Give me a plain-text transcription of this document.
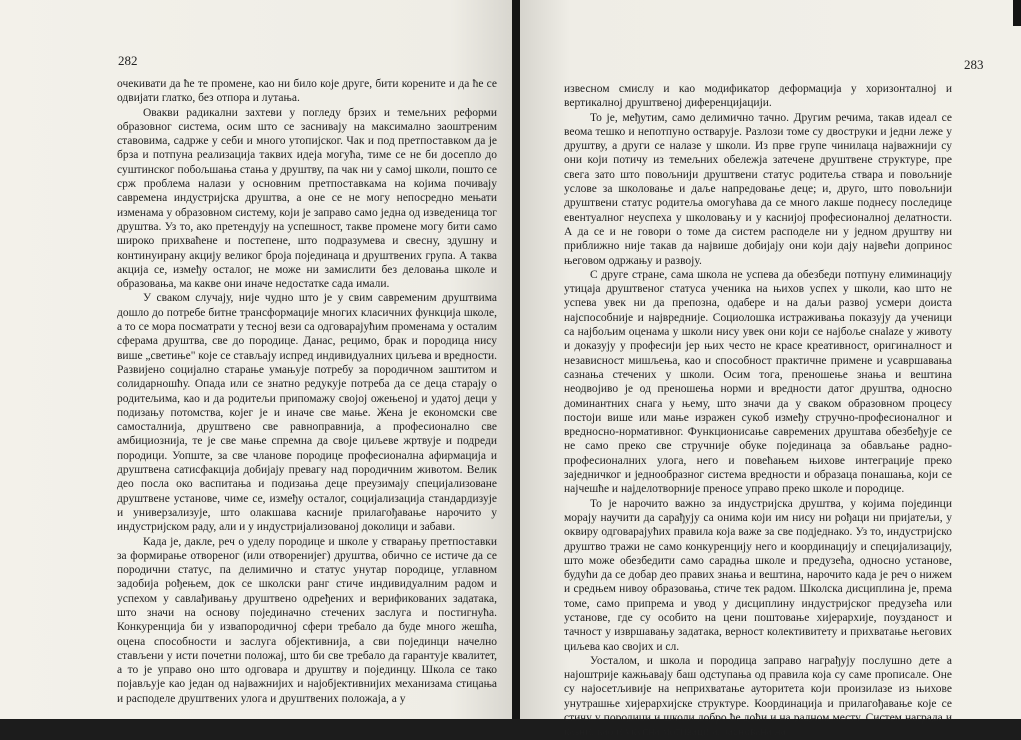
282

очекивати да ће те промене, као ни било које друге, бити корените и да ће се одвијати глатко, без отпора и лутања.

Овакви радикални захтеви у погледу брзих и темељних реформи образовног система, осим што се заснивају на максимално заоштреним ставовима, садрже у себи и много утопијског. Чак и под претпоставком да је брза и потпуна реализација таквих идеја могућа, тиме се не би досепло до суштинског побољшања стања у друштву, па чак ни у самој школи, пошто се срж проблема налази у основним претпоставкама на којима почивају савремена индустријска друштва, а оне се не могу непосредно мењати изменама у образовном систему, који је заправо само једна од изведеница тог друштва. Уз то, ако претендују на успешност, такве промене могу бити само широко прихваћене и постепене, што подразумева и свесну, здушну и континуирану акцију великог броја појединаца и друштвених група. А таква акција се, између осталог, не може ни замислити без деловања школе и образовања, ма какве они иначе недостатке сада имали.

У сваком случају, није чудно што је у свим савременим друштвима дошло до потребе битне трансформације многих класичних функција школе, а то се мора посматрати у тесној вези са одговарајућим променама у осталим сферама друштва, све до породице. Данас, рецимо, брак и породица нису више „светиње" које се стављају испред индивидуалних циљева и вредности. Развијено социјално старање умањује потребу за породичном заштитом и солидарношћу. Опада или се знатно редукује потреба да се деца старају о родитељима, као и да родитељи припомажу својој ожењеној и удатој деци у подизању потомства, којег је и иначе све мање. Жена је економски све самосталнија, друштвено све равноправнија, а професионално све амбициознија, те је све мање спремна да своје циљеве жртвује и подреди породици. Уопште, за све чланове породице професионална афирмација и друштвена сатисфакција добијају превагу над породичним животом. Велик део посла око васпитања и подизања деце преузимају специјализоване друштвене установе, чиме се, између осталог, социјализација стандардизује и универзализује, што олакшава касније прилагођавање нарочито у индустријском раду, али и у индустријализованој доколици и забави.

Када је, дакле, реч о уделу породице и школе у стварању претпоставки за формирање отвореног (или отворенијег) друштва, обично се истиче да се породични статус, па делимично и статус унутар породице, углавном задобија рођењем, док се школски ранг стиче индивидуалним радом и успехом у савлађивању друштвено одређених и верификованих задатака, што значи на основу појединачно стечених заслуга и постигнућа. Конкуренција би у извапородичној сфери требало да буде много жешћа, оцена способности и заслуга објективнија, а сви појединци начелно стављени у исти почетни положај, што би све требало да гарантује квалитет, а то је управо оно што одговара и друштву и појединцу. Школа се тако појављује као један од најважнијих и најобјективнијих механизама стицања и расподеле друштвених улога и друштвених положаја, а у

283

извесном смислу и као модификатор деформација у хоризонталној и вертикалној друштвеној диференцијацији.

То је, међутим, само делимично тачно. Другим речима, такав идеал се веома тешко и непотпуно остварује. Разлози томе су двоструки и једни леже у друштву, а други се налазе у школи. Из прве групе чинилаца најважнији су они који потичу из темељних обележја затечене друштвене структуре, пре свега зато што повољнији друштвени статус родитеља ствара и повољније услове за школовање и даље напредовање деце; и, друго, што повољнији друштвени статус родитеља омогућава да се много лакше поднесу последице евентуалног неуспеха у школовању и у каснијој професионалној делатности. А да се и не говори о томе да систем расподеле ни у једном друштву ни приближно није такав да највише добијају они који дају највећи допринос његовом одржању и развоју.

С друге стране, сама школа не успева да обезбеди потпуну елиминацију утицаја друштвеног статуса ученика на њихов успех у школи, као што не успева увек ни да препозна, одабере и на даљи развој усмери доиста најспособније и највредније. Социолошка истраживања показују да ученици са најбољим оценама у школи нису увек они који се најбоље снalaze у животу и доказују у професији јер њих често не красе креативност, оригиналност и независност мишљења, као и способност практичне примене и усавршавања сазнања стечених у школи. Осим тога, преношење знања и вештина неодвојиво је од преношења норми и вредности датог друштва, односно доминантних снага у њему, што значи да у сваком образовном процесу постоји више или мање изражен сукоб између стручно-професионалног и вредносно-нормативног. Функционисање савремених друштава обезбеђује се не само преко све стручније обуке појединаца за обављање радно-професионалних улога, него и повећањем њихове интеграције преко заједничког и једнообразног система вредности и образаца понашања, који се најчешће и најделотворније преносе управо преко школе и породице.

То је нарочито важно за индустријска друштва, у којима појединци морају научити да сарађују са онима који им нису ни рођаци ни пријатељи, у оквиру одговарајућих правила која важе за све подједнако. Уз то, индустријско друштво тражи не само конкуренцију него и координацију и специјализацију, што може обезбедити само сарадња школе и предузећа, односно установе, будући да се добар део правих знања и вештина, нарочито када је реч о нижем и средњем нивоу образовања, стиче тек радом. Школска дисциплина је, према томе, само припрема и увод у дисциплину индустријског предузећа или установе, где су особито на цени поштовање хијерархије, поузданост и тачност у извршавању задатака, верност колективитету и прихватање његових циљева као својих и сл.

Уосталом, и школа и породица заправо награђују послушно дете а најоштрије кажњавају баш одступања од правила која су саме прописале. Оне су најосетљивије на неприхватање ауторитета који произилазе из њихове унутрашње хијерархијске структуре. Координација и прилагођавање које се стичу у породици и школи добро ће доћи и на радном месту. Систем награда и казни, као и укупна мотивација, заснована на
